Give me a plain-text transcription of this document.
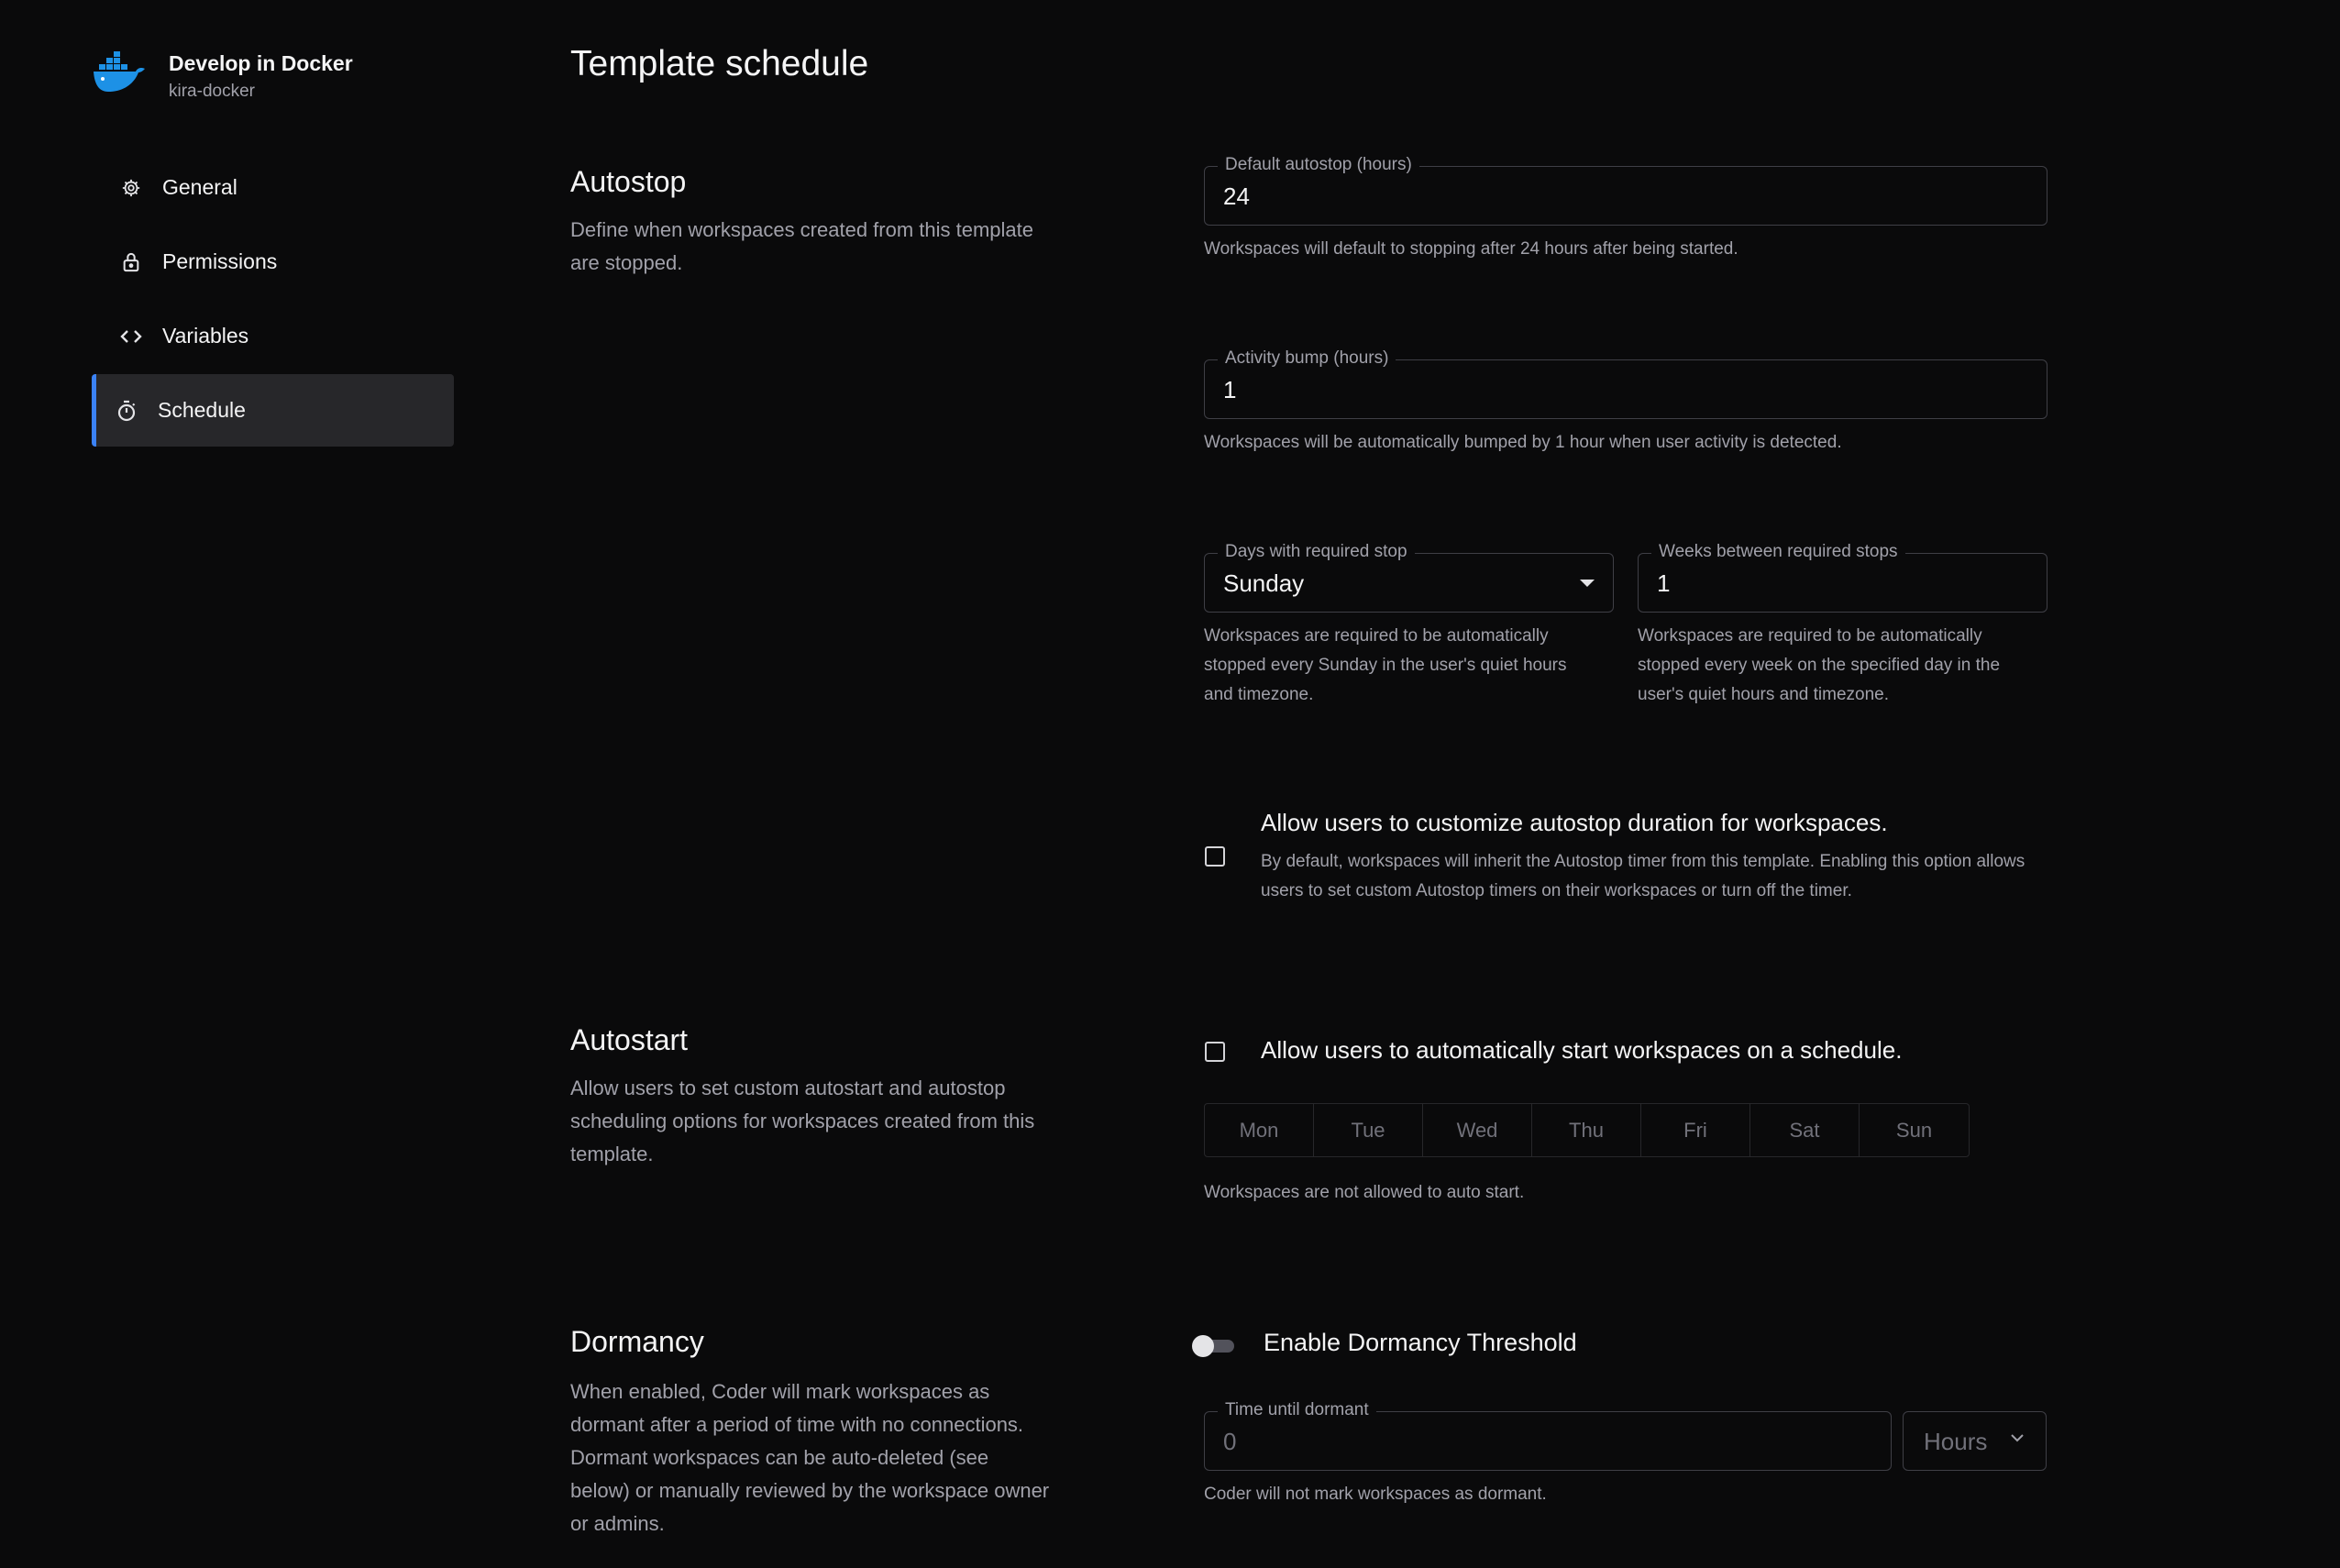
Develop in Docker
kira-docker
General
Permissions
Variables
Schedule
Template schedule
Autostop

Define when workspaces created from this template are stopped.

Default autostop (hours)
24
Workspaces will default to stopping after 24 hours after being started.
Activity bump (hours)
1
Workspaces will be automatically bumped by 1 hour when user activity is detected.
Days with required stop
Sunday
Workspaces are required to be automatically stopped every Sunday in the user's quiet hours and timezone.
Weeks between required stops
1
Workspaces are required to be automatically stopped every week on the specified day in the user's quiet hours and timezone.
Allow users to customize autostop duration for workspaces.
By default, workspaces will inherit the Autostop timer from this template. Enabling this option allows users to set custom Autostop timers on their workspaces or turn off the timer.
Autostart

Allow users to set custom autostart and autostop scheduling options for workspaces created from this template.

Allow users to automatically start workspaces on a schedule.
Mon	Tue	Wed	Thu	Fri	Sat	Sun
Workspaces are not allowed to auto start.
Dormancy

When enabled, Coder will mark workspaces as dormant after a period of time with no connections. Dormant workspaces can be auto-deleted (see below) or manually reviewed by the workspace owner or admins.

Enable Dormancy Threshold
Time until dormant
0	Hours
Coder will not mark workspaces as dormant.
